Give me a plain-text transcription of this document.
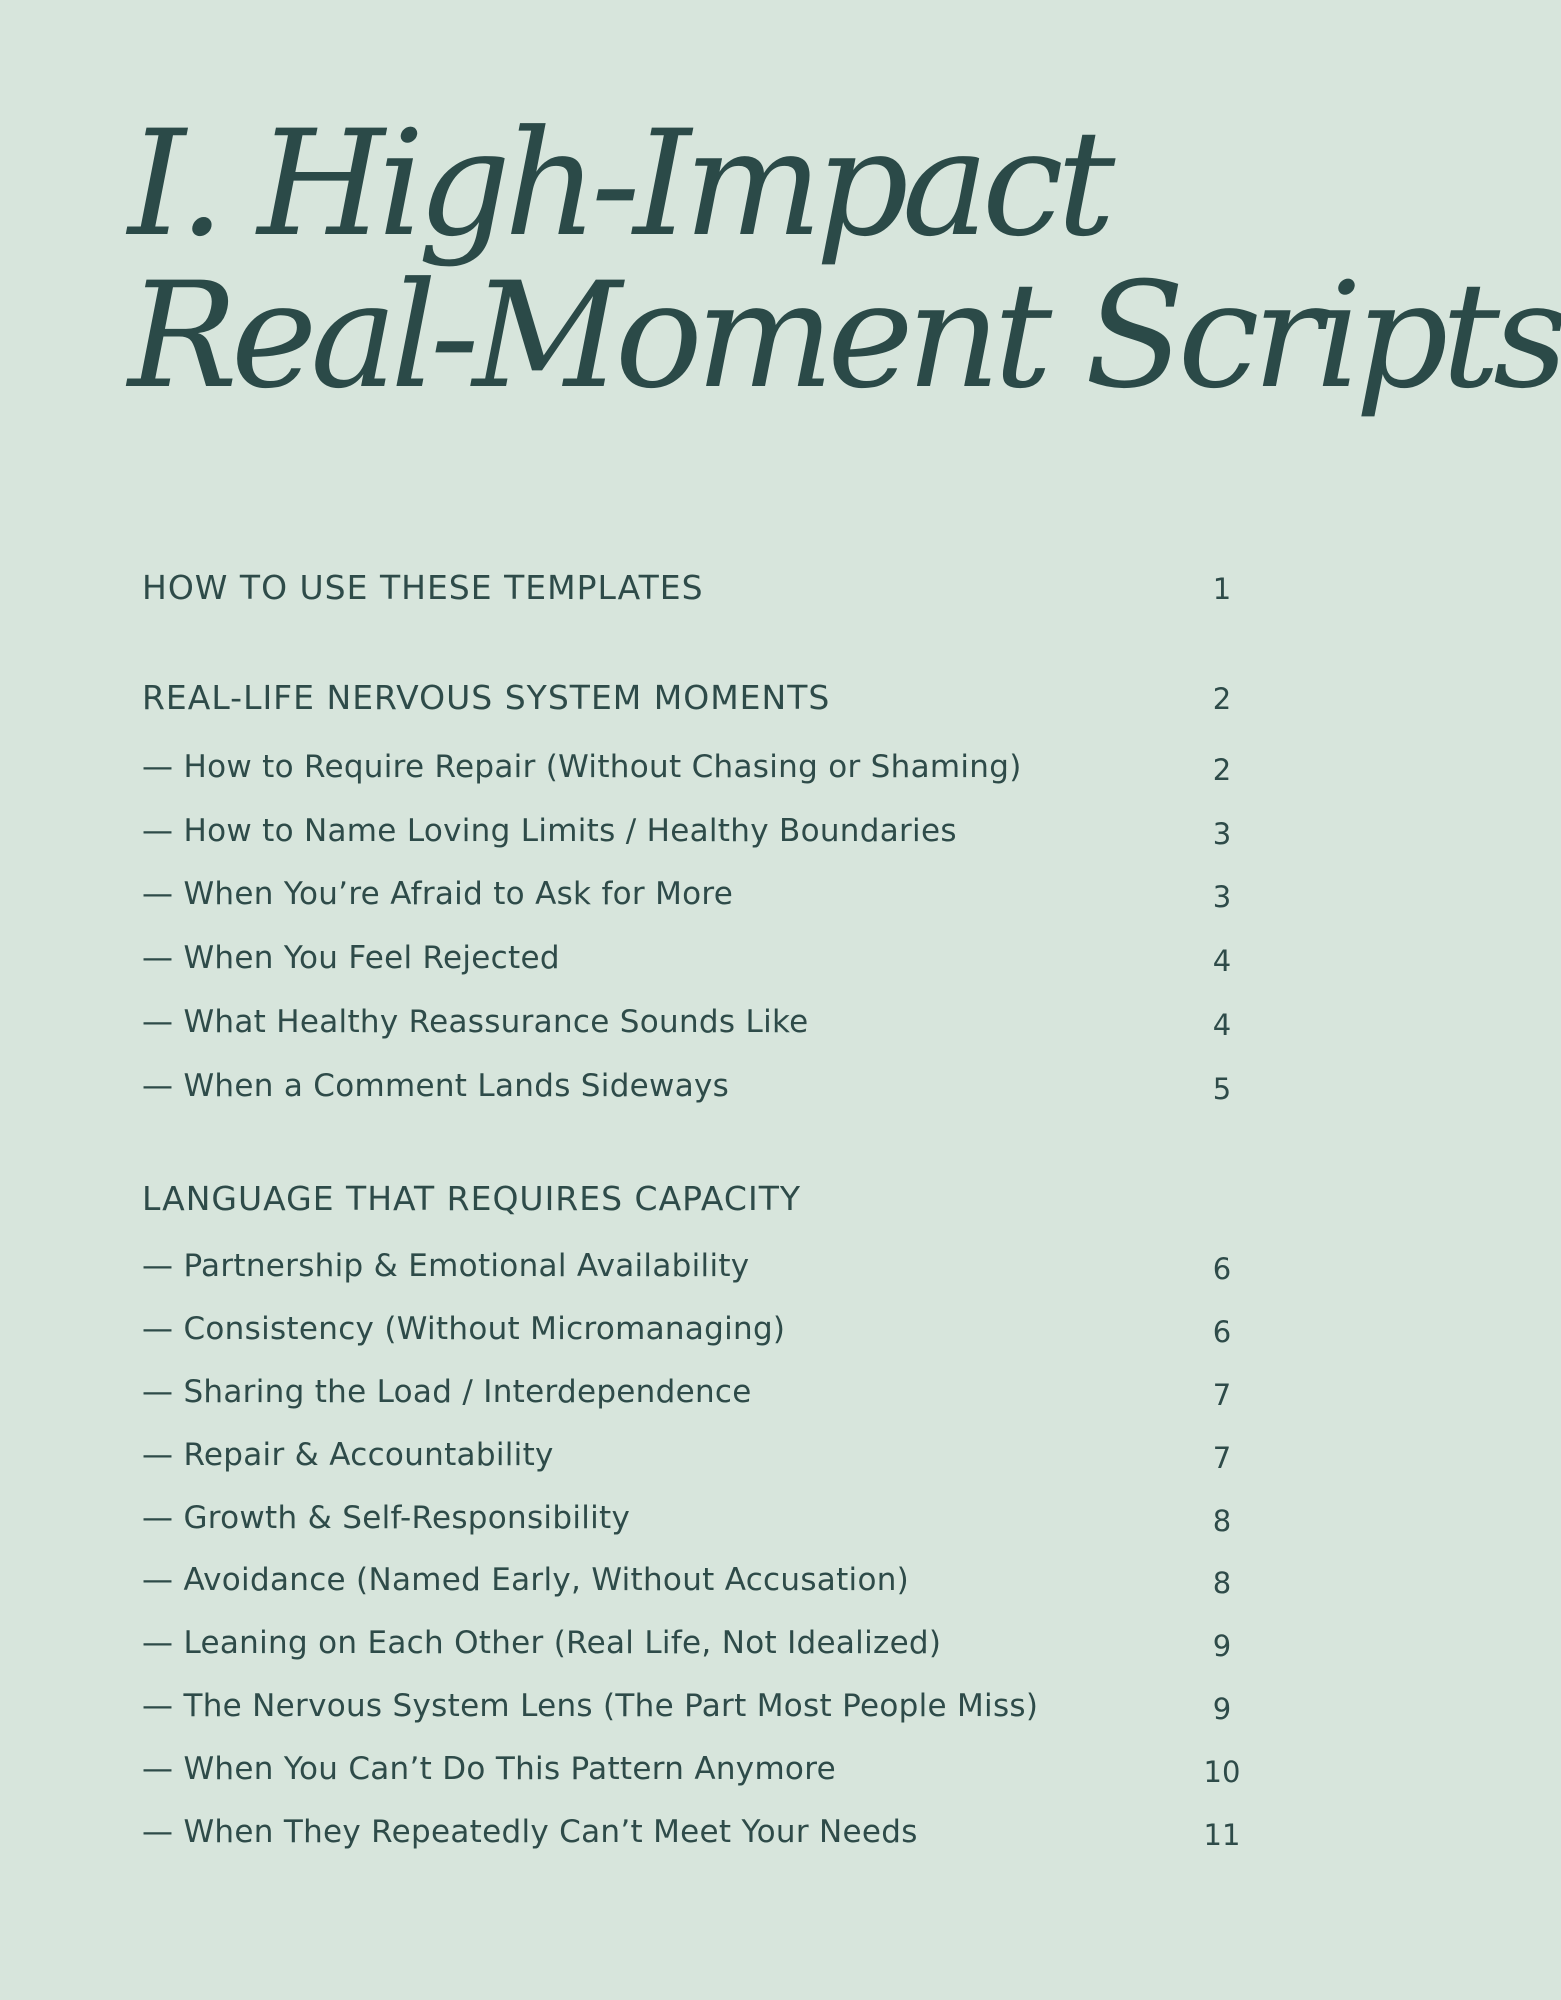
I. High-Impact
Real-Moment Scripts
HOW TO USE THESE TEMPLATES	1
REAL-LIFE NERVOUS SYSTEM MOMENTS	2
— How to Require Repair (Without Chasing or Shaming)	2
— How to Name Loving Limits / Healthy Boundaries	3
— When You’re Afraid to Ask for More	3
— When You Feel Rejected	4
— What Healthy Reassurance Sounds Like	4
— When a Comment Lands Sideways	5
LANGUAGE THAT REQUIRES CAPACITY
— Partnership & Emotional Availability	6
— Consistency (Without Micromanaging)	6
— Sharing the Load / Interdependence	7
— Repair & Accountability	7
— Growth & Self-Responsibility	8
— Avoidance (Named Early, Without Accusation)	8
— Leaning on Each Other (Real Life, Not Idealized)	9
— The Nervous System Lens (The Part Most People Miss)	9
— When You Can’t Do This Pattern Anymore	10
— When They Repeatedly Can’t Meet Your Needs	11
